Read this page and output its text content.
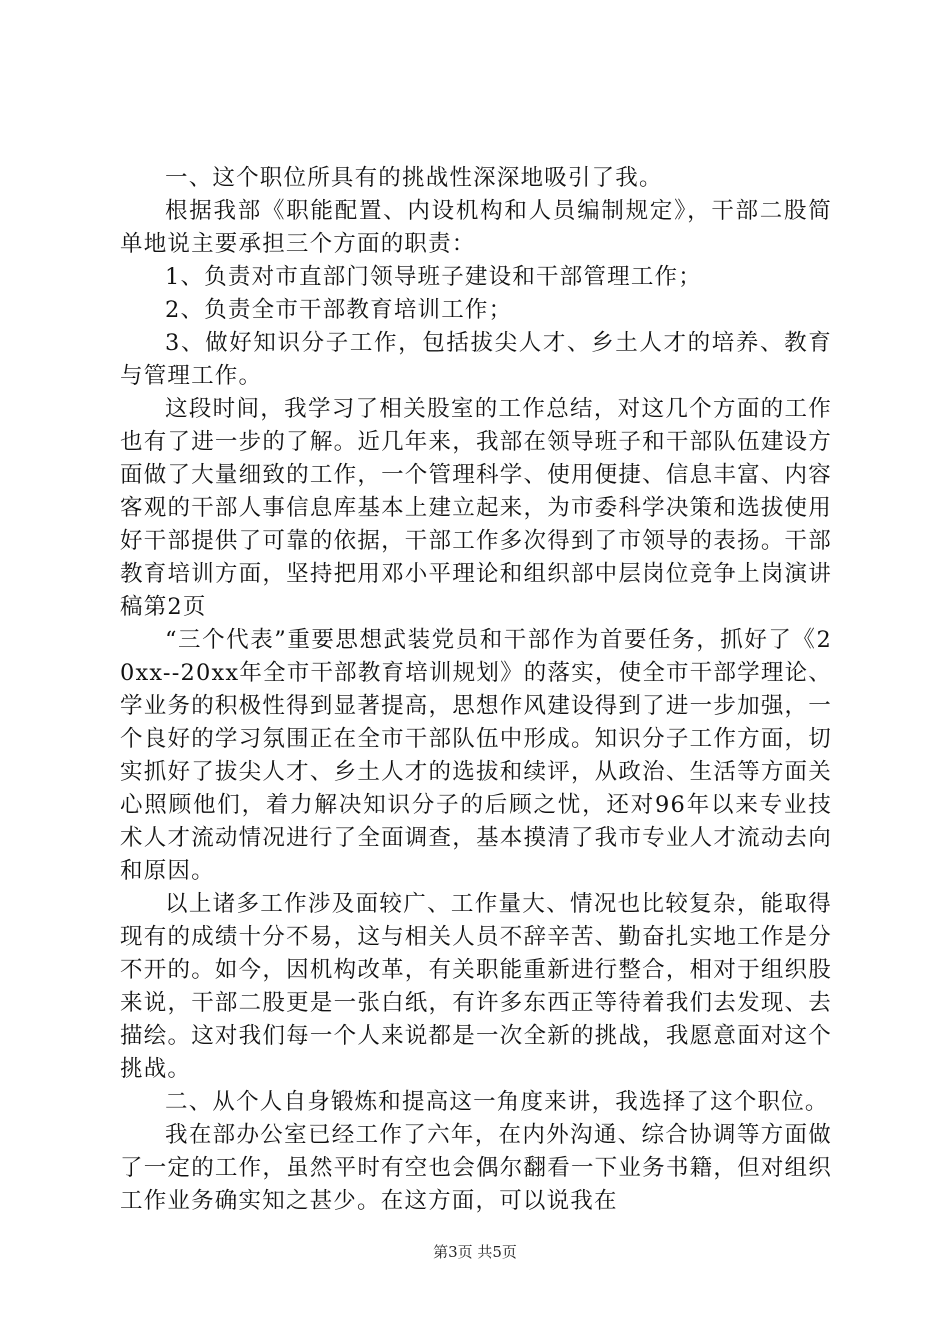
一、这个职位所具有的挑战性深深地吸引了我。

根据我部《职能配置、内设机构和人员编制规定》，干部二股简单地说主要承担三个方面的职责：

1、负责对市直部门领导班子建设和干部管理工作；

2、负责全市干部教育培训工作；

3、做好知识分子工作，包括拔尖人才、乡土人才的培养、教育与管理工作。

这段时间，我学习了相关股室的工作总结，对这几个方面的工作也有了进一步的了解。近几年来，我部在领导班子和干部队伍建设方面做了大量细致的工作，一个管理科学、使用便捷、信息丰富、内容客观的干部人事信息库基本上建立起来，为市委科学决策和选拔使用好干部提供了可靠的依据，干部工作多次得到了市领导的表扬。干部教育培训方面，坚持把用邓小平理论和组织部中层岗位竞争上岗演讲稿第2页

“三个代表”重要思想武装党员和干部作为首要任务，抓好了《20xx--20xx年全市干部教育培训规划》的落实，使全市干部学理论、学业务的积极性得到显著提高，思想作风建设得到了进一步加强，一个良好的学习氛围正在全市干部队伍中形成。知识分子工作方面，切实抓好了拔尖人才、乡土人才的选拔和续评，从政治、生活等方面关心照顾他们，着力解决知识分子的后顾之忧，还对96年以来专业技术人才流动情况进行了全面调查，基本摸清了我市专业人才流动去向和原因。

以上诸多工作涉及面较广、工作量大、情况也比较复杂，能取得现有的成绩十分不易，这与相关人员不辞辛苦、勤奋扎实地工作是分不开的。如今，因机构改革，有关职能重新进行整合，相对于组织股来说，干部二股更是一张白纸，有许多东西正等待着我们去发现、去描绘。这对我们每一个人来说都是一次全新的挑战，我愿意面对这个挑战。

二、从个人自身锻炼和提高这一角度来讲，我选择了这个职位。

我在部办公室已经工作了六年，在内外沟通、综合协调等方面做了一定的工作，虽然平时有空也会偶尔翻看一下业务书籍，但对组织工作业务确实知之甚少。在这方面，可以说我在

第3页 共5页
